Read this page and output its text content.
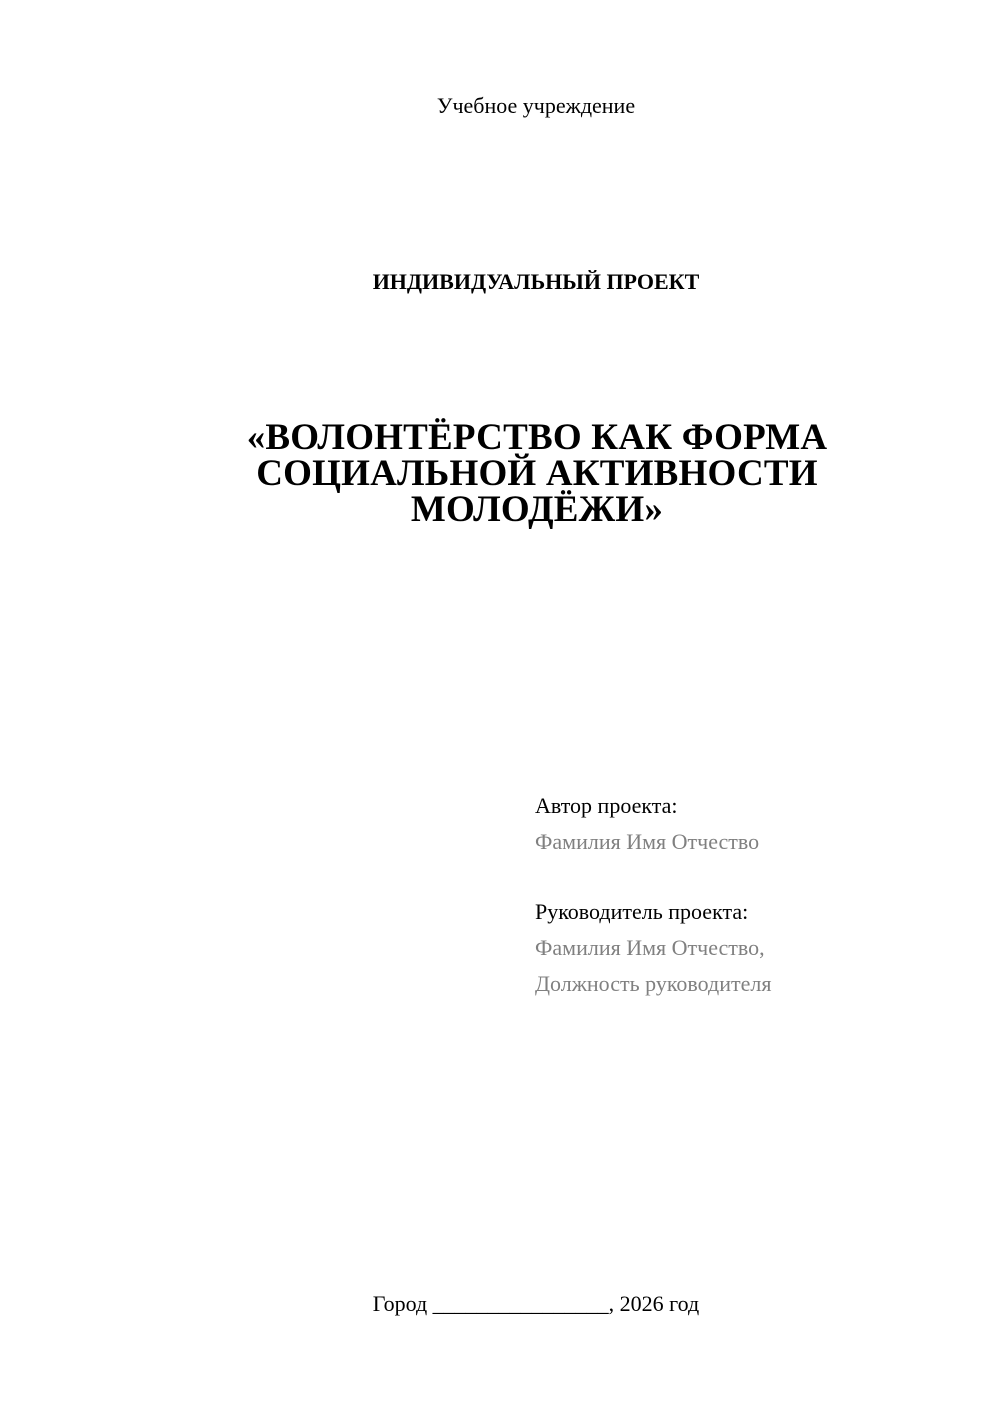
Учебное учреждение
ИНДИВИДУАЛЬНЫЙ ПРОЕКТ
«ВОЛОНТЁРСТВО КАК ФОРМА
СОЦИАЛЬНОЙ АКТИВНОСТИ
МОЛОДЁЖИ»
Автор проекта:
Фамилия Имя Отчество
Руководитель проекта:
Фамилия Имя Отчество,
Должность руководителя
Город ________________, 2026 год
